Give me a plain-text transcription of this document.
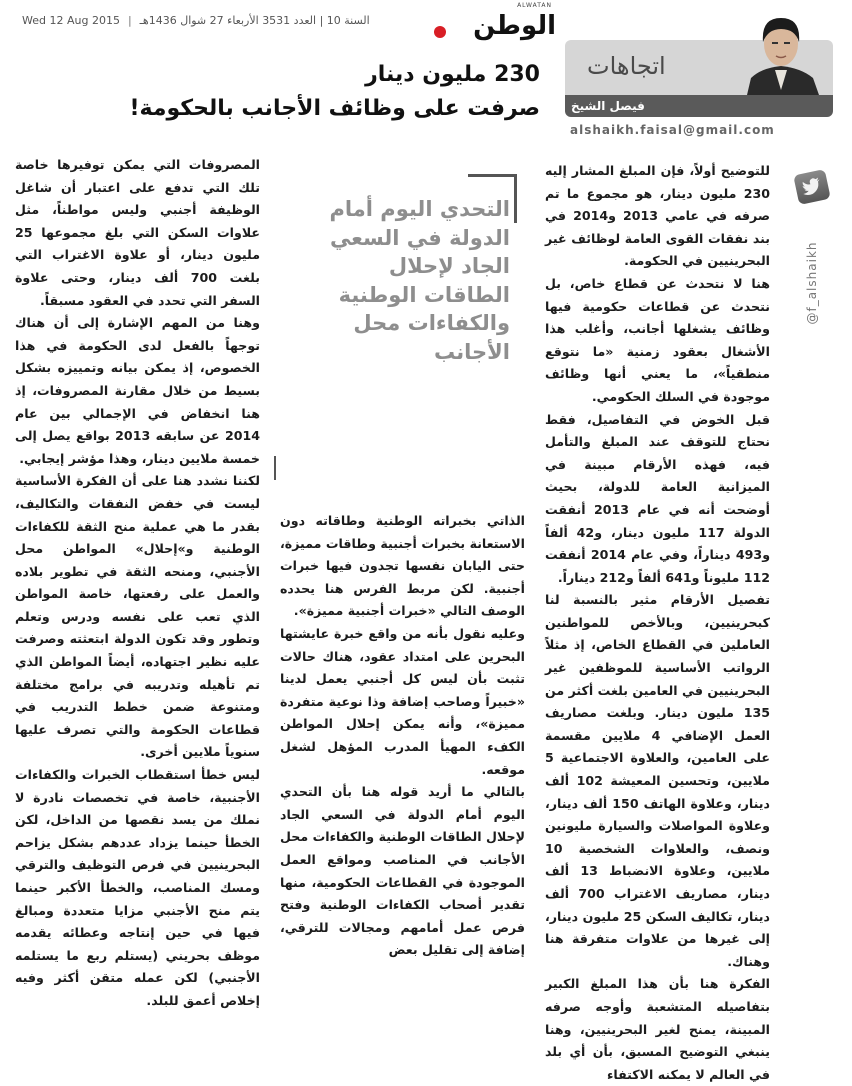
Wed 12 Aug 2015 | السنة 10 | العدد 3531 الأربعاء 27 شوال 1436هـ
ALWATAN
الوطن
230 مليون دينار
صرفت على وظائف الأجانب بالحكومة!
اتجاهات
فيصل الشيخ
alshaikh.faisal@gmail.com
@f_alshaikh

للتوضيح أولاً، فإن المبلغ المشار إليه 230 مليون دينار، هو مجموع ما تم صرفه في عامي 2013 و2014 في بند نفقات القوى العامة لوظائف غير البحرينيين في الحكومة.

هنا لا نتحدث عن قطاع خاص، بل نتحدث عن قطاعات حكومية فيها وظائف يشغلها أجانب، وأغلب هذا الأشغال بعقود زمنية «ما نتوقع منطقياً»، ما يعني أنها وظائف موجودة في السلك الحكومي.

قبل الخوض في التفاصيل، فقط نحتاج للتوقف عند المبلغ والتأمل فيه، فهذه الأرقام مبينة في الميزانية العامة للدولة، بحيث أوضحت أنه في عام 2013 أنفقت الدولة 117 مليون دينار، و42 ألفاً و493 ديناراً، وفي عام 2014 أنفقت 112 مليوناً و641 ألفاً و212 ديناراً.

تفصيل الأرقام مثير بالنسبة لنا كبحرينيين، وبالأخص للمواطنين العاملين في القطاع الخاص، إذ مثلاً الرواتب الأساسية للموظفين غير البحرينيين في العامين بلغت أكثر من 135 مليون دينار. وبلغت مصاريف العمل الإضافي 4 ملايين مقسمة على العامين، والعلاوة الاجتماعية 5 ملايين، وتحسين المعيشة 102 ألف دينار، وعلاوة الهاتف 150 ألف دينار، وعلاوة المواصلات والسيارة مليونين ونصف، والعلاوات الشخصية 10 ملايين، وعلاوة الانضباط 13 ألف دينار، مصاريف الاغتراب 700 ألف دينار، تكاليف السكن 25 مليون دينار، إلى غيرها من علاوات متفرقة هنا وهناك.

الفكرة هنا بأن هذا المبلغ الكبير بتفاصيله المتشعبة وأوجه صرفه المبينة، يمنح لغير البحرينيين، وهنا ينبغي التوضيح المسبق، بأن أي بلد في العالم لا يمكنه الاكتفاء

التحدي اليوم أمام الدولة في السعي الجاد لإحلال الطاقات الوطنية والكفاءات محل الأجانب

الذاتي بخبراته الوطنية وطاقاته دون الاستعانة بخبرات أجنبية وطاقات مميزة، حتى اليابان نفسها تجدون فيها خبرات أجنبية. لكن مربط الفرس هنا يحدده الوصف التالي «خبرات أجنبية مميزة».

وعليه نقول بأنه من واقع خبرة عايشتها البحرين على امتداد عقود، هناك حالات تثبت بأن ليس كل أجنبي يعمل لدينا «خبيراً وصاحب إضافة وذا نوعية متفردة مميزة»، وأنه يمكن إحلال المواطن الكفء المهيأ المدرب المؤهل لشغل موقعه.

بالتالي ما أريد قوله هنا بأن التحدي اليوم أمام الدولة في السعي الجاد لإحلال الطاقات الوطنية والكفاءات محل الأجانب في المناصب ومواقع العمل الموجودة في القطاعات الحكومية، منها تقدير أصحاب الكفاءات الوطنية وفتح فرص عمل أمامهم ومجالات للترقي، إضافة إلى تقليل بعض

المصروفات التي يمكن توفيرها خاصة تلك التي تدفع على اعتبار أن شاغل الوظيفة أجنبي وليس مواطناً، مثل علاوات السكن التي بلغ مجموعها 25 مليون دينار، أو علاوة الاغتراب التي بلغت 700 ألف دينار، وحتى علاوة السفر التي تحدد في العقود مسبقاً.

وهنا من المهم الإشارة إلى أن هناك توجهاً بالفعل لدى الحكومة في هذا الخصوص، إذ يمكن بيانه وتمييزه بشكل بسيط من خلال مقارنة المصروفات، إذ هنا انخفاض في الإجمالي بين عام 2014 عن سابقه 2013 بواقع يصل إلى خمسة ملايين دينار، وهذا مؤشر إيجابي.

لكننا نشدد هنا على أن الفكرة الأساسية ليست في خفض النفقات والتكاليف، بقدر ما هي عملية منح الثقة للكفاءات الوطنية و»إحلال» المواطن محل الأجنبي، ومنحه الثقة في تطوير بلاده والعمل على رفعتها، خاصة المواطن الذي تعب على نفسه ودرس وتعلم وتطور وقد تكون الدولة ابتعثته وصرفت عليه نظير اجتهاده، أيضاً المواطن الذي تم تأهيله وتدريبه في برامج مختلفة ومتنوعة ضمن خطط التدريب في قطاعات الحكومة والتي تصرف عليها سنوياً ملايين أخرى.

ليس خطأ استقطاب الخبرات والكفاءات الأجنبية، خاصة في تخصصات نادرة لا نملك من يسد نقصها من الداخل، لكن الخطأ حينما يزداد عددهم بشكل يزاحم البحرينيين في فرص التوظيف والترقي ومسك المناصب، والخطأ الأكبر حينما يتم منح الأجنبي مزايا متعددة ومبالغ فيها في حين إنتاجه وعطائه يقدمه موظف بحريني (يستلم ربع ما يستلمه الأجنبي) لكن عمله متقن أكثر وفيه إخلاص أعمق للبلد.
